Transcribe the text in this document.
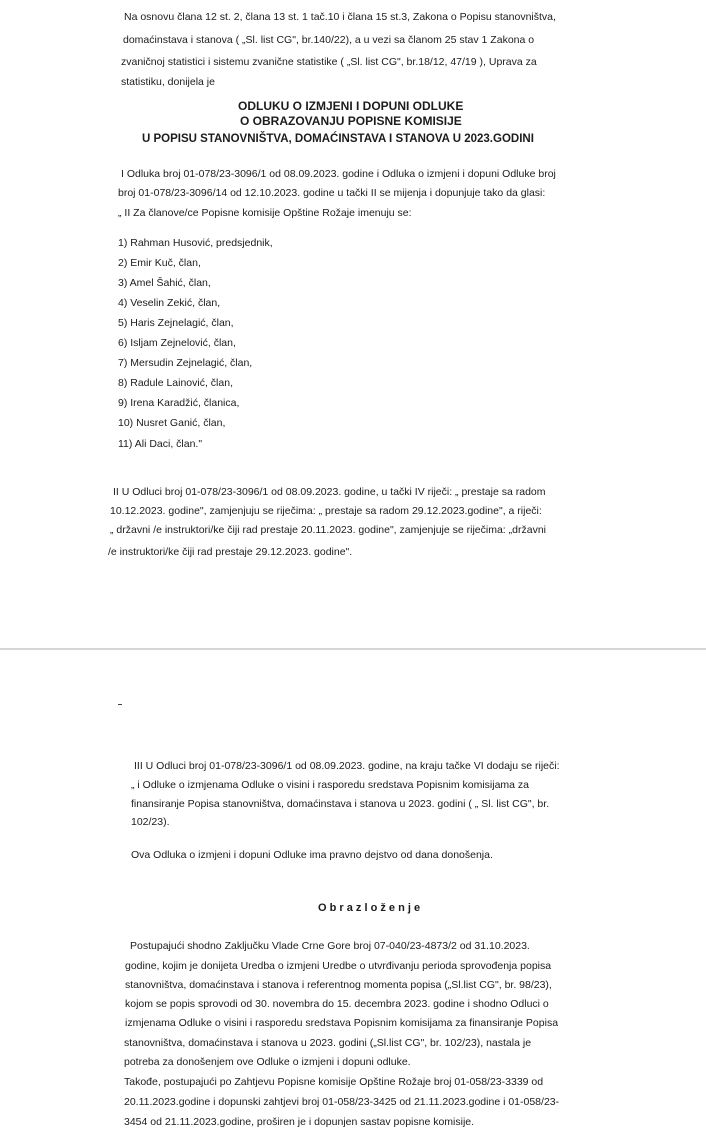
Na osnovu člana 12 st. 2, člana 13 st. 1 tač.10 i člana 15 st.3, Zakona o Popisu stanovništva,
domaćinstava i stanova ( „Sl. list CG", br.140/22), a u vezi sa članom 25 stav 1 Zakona o
zvaničnoj statistici i sistemu zvanične statistike ( „Sl. list CG", br.18/12, 47/19 ), Uprava za
statistiku, donijela je
ODLUKU O IZMJENI I DOPUNI ODLUKE
O OBRAZOVANJU POPISNE KOMISIJE
U POPISU STANOVNIŠTVA, DOMAĆINSTAVA I STANOVA U 2023.GODINI
I Odluka broj 01-078/23-3096/1 od 08.09.2023. godine i Odluka o izmjeni i dopuni Odluke broj
broj 01-078/23-3096/14 od 12.10.2023. godine u tački II se mijenja i dopunjuje tako da glasi:
„ II Za članove/ce Popisne komisije Opštine Rožaje imenuju se:
1) Rahman Husović, predsjednik,
2) Emir Kuč, član,
3) Amel Šahić, član,
4) Veselin Zekić, član,
5) Haris Zejnelagić, član,
6) Isljam Zejnelović, član,
7) Mersudin Zejnelagić, član,
8) Radule Lainović, član,
9) Irena Karadžić, članica,
10) Nusret Ganić, član,
11) Ali Daci, član."
II U Odluci broj 01-078/23-3096/1 od 08.09.2023. godine, u tački IV riječi: „ prestaje sa radom
10.12.2023. godine", zamjenjuju se riječima: „ prestaje sa radom 29.12.2023.godine", a riječi:
„ državni /e instruktori/ke čiji rad prestaje 20.11.2023. godine", zamjenjuje se riječima: „državni
/e instruktori/ke čiji rad prestaje 29.12.2023. godine".
III U Odluci broj 01-078/23-3096/1 od 08.09.2023. godine, na kraju tačke VI dodaju se riječi:
„ i Odluke o izmjenama Odluke o visini i rasporedu sredstava Popisnim komisijama za
finansiranje Popisa stanovništva, domaćinstava i stanova u 2023. godini ( „ Sl. list CG", br.
102/23).
Ova Odluka o izmjeni i dopuni Odluke ima pravno dejstvo od dana donošenja.
O b r a z l o ž e n j e
Postupajući shodno Zaključku Vlade Crne Gore broj 07-040/23-4873/2 od 31.10.2023.
godine, kojim je donijeta Uredba o izmjeni Uredbe o utvrđivanju perioda sprovođenja popisa
stanovništva, domaćinstava i stanova i referentnog momenta popisa („Sl.list CG", br. 98/23),
kojom se popis sprovodi od 30. novembra do 15. decembra 2023. godine i shodno Odluci o
izmjenama Odluke o visini i rasporedu sredstava Popisnim komisijama za finansiranje Popisa
stanovništva, domaćinstava i stanova u 2023. godini („Sl.list CG", br. 102/23), nastala je
potreba za donošenjem ove Odluke o izmjeni i dopuni odluke.
Takođe, postupajući po Zahtjevu Popisne komisije Opštine Rožaje broj 01-058/23-3339 od
20.11.2023.godine i dopunski zahtjevi broj 01-058/23-3425 od 21.11.2023.godine i 01-058/23-
3454 od 21.11.2023.godine, proširen je i dopunjen sastav popisne komisije.
